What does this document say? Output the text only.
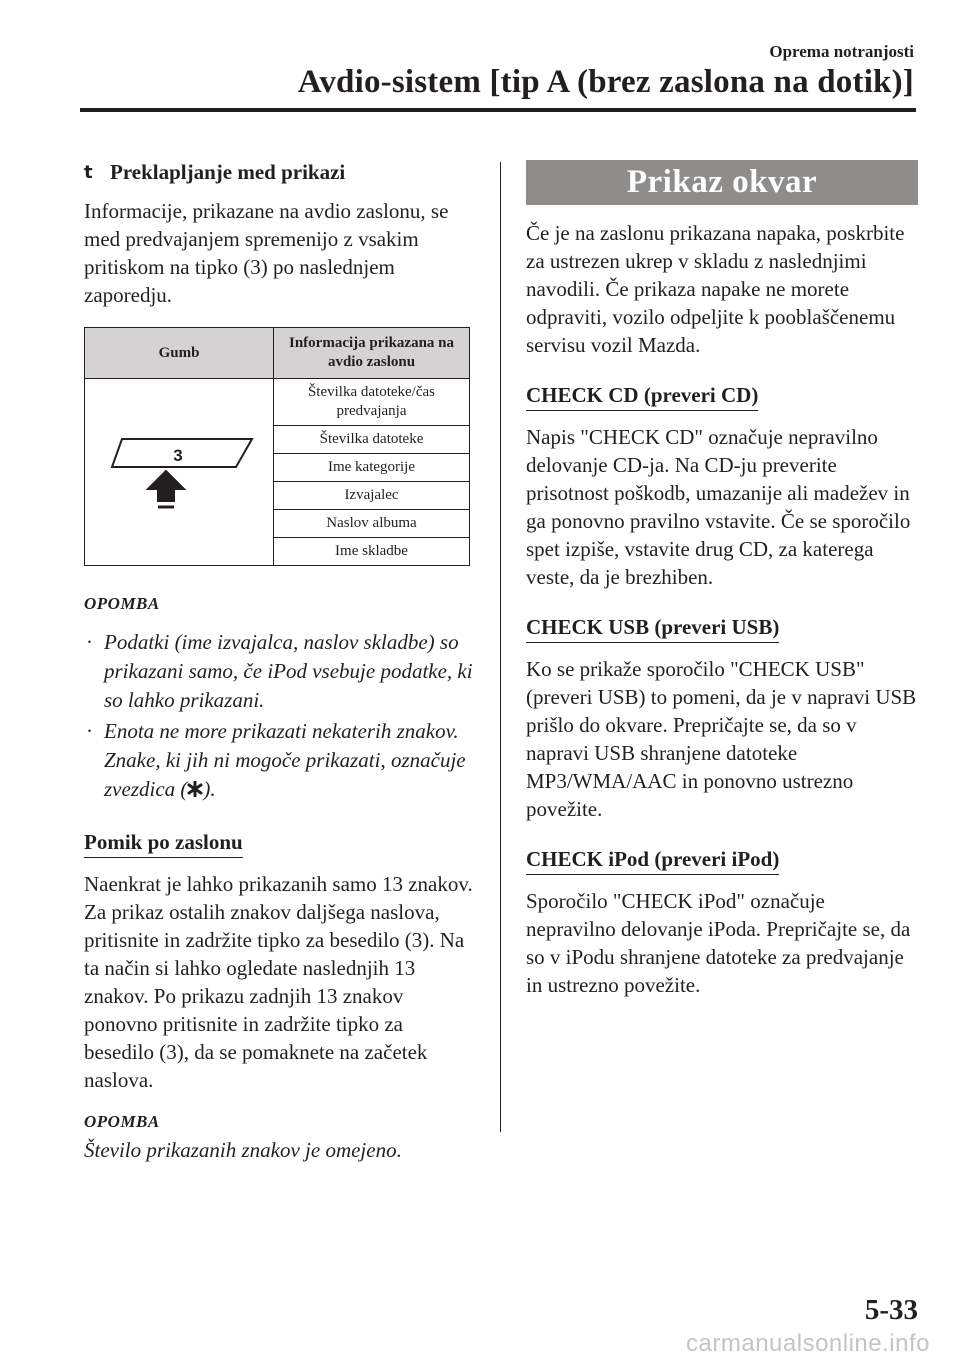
Oprema notranjosti
Avdio-sistem [tip A (brez zaslona na dotik)]
t Preklapljanje med prikazi

Informacije, prikazane na avdio zaslonu, se med predvajanjem spremenijo z vsakim pritiskom na tipko (3) po naslednjem zaporedju.

Gumb	Informacija prikazana na avdio zaslonu

3	Številka datoteke/čas predvajanja
	Številka datoteke
	Ime kategorije
	Izvajalec
	Naslov albuma
	Ime skladbe
OPOMBA
· Podatki (ime izvajalca, naslov skladbe) so prikazani samo, če iPod vsebuje podatke, ki so lahko prikazani.
· Enota ne more prikazati nekaterih znakov. Znake, ki jih ni mogoče prikazati, označuje zvezdica ( ).
Pomik po zaslonu

Naenkrat je lahko prikazanih samo 13 znakov. Za prikaz ostalih znakov daljšega naslova, pritisnite in zadržite tipko za besedilo (3). Na ta način si lahko ogledate naslednjih 13 znakov. Po prikazu zadnjih 13 znakov ponovno pritisnite in zadržite tipko za besedilo (3), da se pomaknete na začetek naslova.

OPOMBA

Število prikazanih znakov je omejeno.

Prikaz okvar

Če je na zaslonu prikazana napaka, poskrbite za ustrezen ukrep v skladu z naslednjimi navodili. Če prikaza napake ne morete odpraviti, vozilo odpeljite k pooblaščenemu servisu vozil Mazda.

CHECK CD (preveri CD)

Napis "CHECK CD" označuje nepravilno delovanje CD-ja. Na CD-ju preverite prisotnost poškodb, umazanije ali madežev in ga ponovno pravilno vstavite. Če se sporočilo spet izpiše, vstavite drug CD, za katerega veste, da je brezhiben.

CHECK USB (preveri USB)

Ko se prikaže sporočilo "CHECK USB" (preveri USB) to pomeni, da je v napravi USB prišlo do okvare. Prepričajte se, da so v napravi USB shranjene datoteke MP3/WMA/AAC in ponovno ustrezno povežite.

CHECK iPod (preveri iPod)

Sporočilo "CHECK iPod" označuje nepravilno delovanje iPoda. Prepričajte se, da so v iPodu shranjene datoteke za predvajanje in ustrezno povežite.

5-33
carmanualsonline.info
